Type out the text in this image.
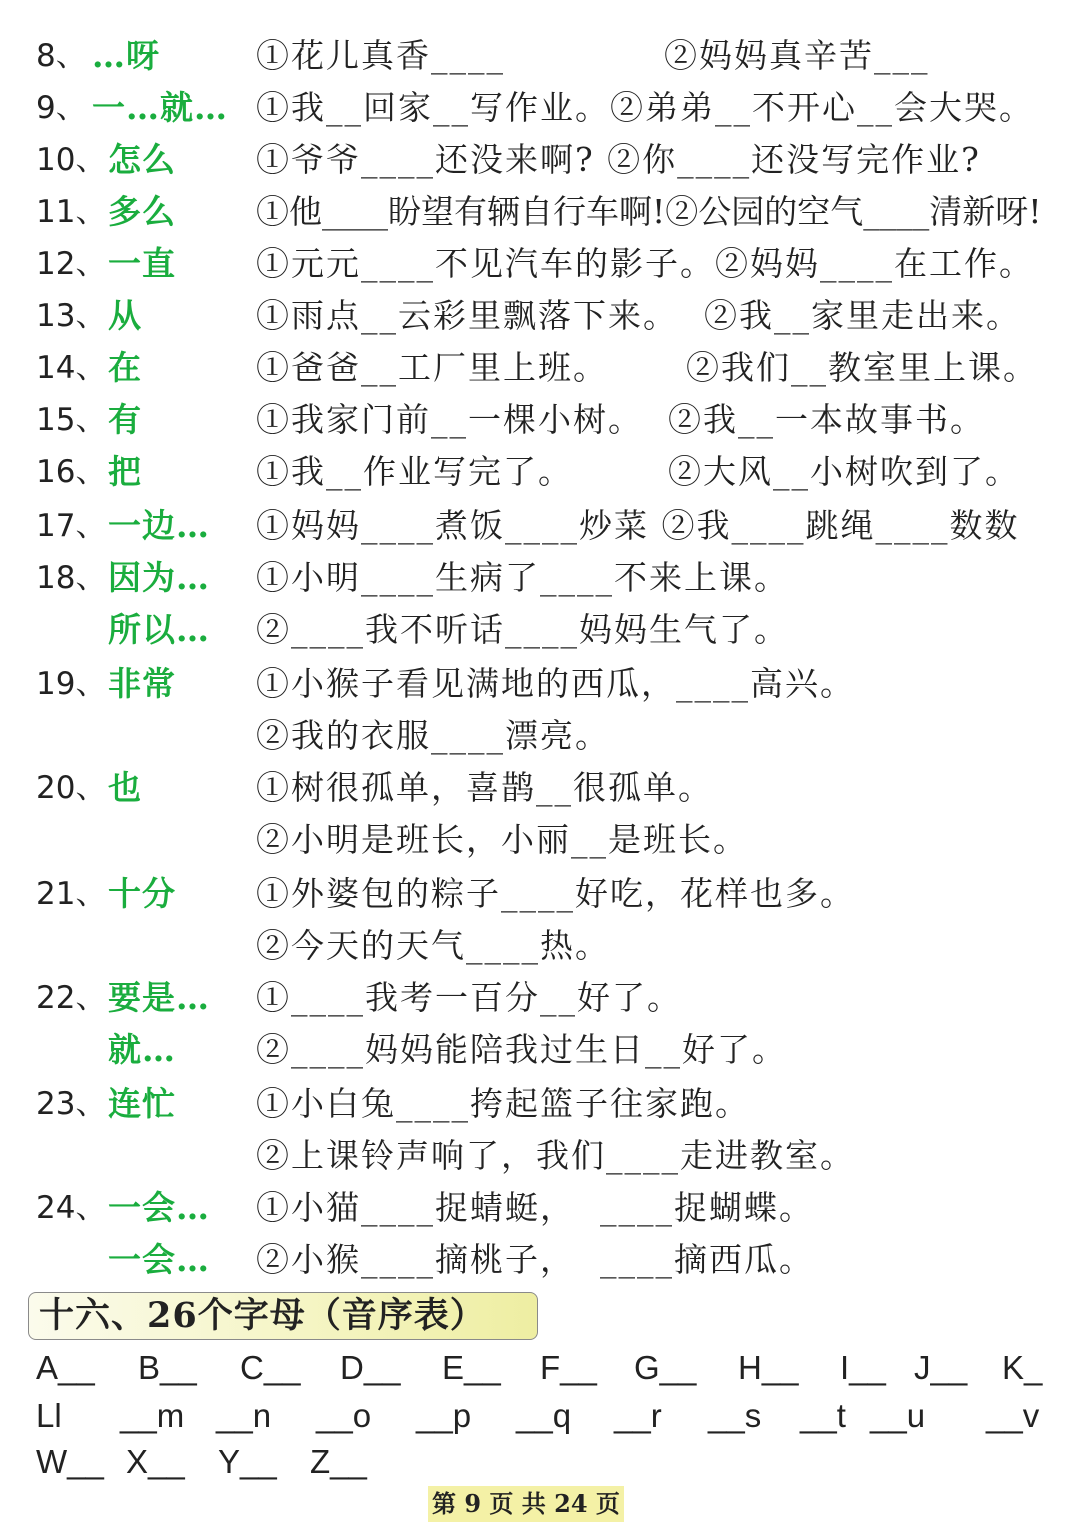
8、 …呀	①花儿真香____	②妈妈真辛苦___
9、 一…就… ①我__回家__写作业。②弟弟__不开心__会大哭。
10、 怎么 ①爷爷____还没来啊? ②你____还没写完作业?
11、 多么 ①他____盼望有辆自行车啊!②公园的空气____清新呀!
12、 一直 ①元元____不见汽车的影子。②妈妈____在工作。
13、 从	①雨点__云彩里飘落下来。 ②我__家里走出来。
14、 在	①爸爸__工厂里上班。 ②我们__教室里上课。
15、 有	①我家门前__一棵小树。 ②我__一本故事书。
16、 把	①我__作业写完了。	②大风__小树吹到了。
17、 一边… ①妈妈____煮饭____炒菜 ②我____跳绳____数数
18、 因为… ①小明____生病了____不来上课。
所以… ②____我不听话____妈妈生气了。
19、 非常 ①小猴子看见满地的西瓜，____高兴。
②我的衣服____漂亮。
20、 也	①树很孤单，喜鹊__很孤单。
②小明是班长，小丽__是班长。
21、 十分 ①外婆包的粽子____好吃，花样也多。
②今天的天气____热。
22、 要是… ①____我考一百分__好了。
就… ②____妈妈能陪我过生日__好了。
23、 连忙 ①小白兔____挎起篮子往家跑。
②上课铃声响了，我们____走进教室。
24、 一会… ①小猫____捉蜻蜓， ____捉蝴蝶。
一会… ②小猴____摘桃子， ____摘西瓜。
十六、26个字母（音序表）
A__ B__ C__ D__ E__ F__ G__ H__ I__ J__ K_
Ll __m __n __o __p __q __r __s __t __u __v
W__ X__ Y__ Z__
第 9 页 共 24 页
